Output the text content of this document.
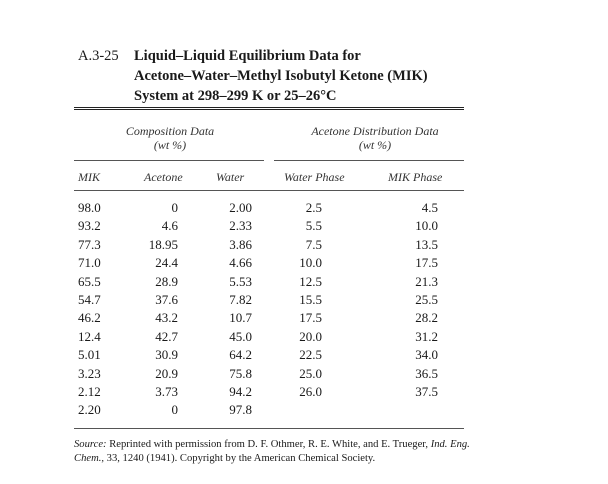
A.3-25 Liquid–Liquid Equilibrium Data for
Acetone–Water–Methyl Isobutyl Ketone (MIK)
System at 298–299 K or 25–26°C
Composition Data
(wt %)
Acetone Distribution Data
(wt %)
MIK	Acetone	Water	Water Phase	MIK Phase
98.0	0	2.00	2.5	4.5
93.2	4.6	2.33	5.5	10.0
77.3	18.95	3.86	7.5	13.5
71.0	24.4	4.66	10.0	17.5
65.5	28.9	5.53	12.5	21.3
54.7	37.6	7.82	15.5	25.5
46.2	43.2	10.7	17.5	28.2
12.4	42.7	45.0	20.0	31.2
5.01	30.9	64.2	22.5	34.0
3.23	20.9	75.8	25.0	36.5
2.12	3.73	94.2	26.0	37.5
2.20	0	97.8
Source: Reprinted with permission from D. F. Othmer, R. E. White, and E. Trueger, Ind. Eng. Chem., 33, 1240 (1941). Copyright by the American Chemical Society.
